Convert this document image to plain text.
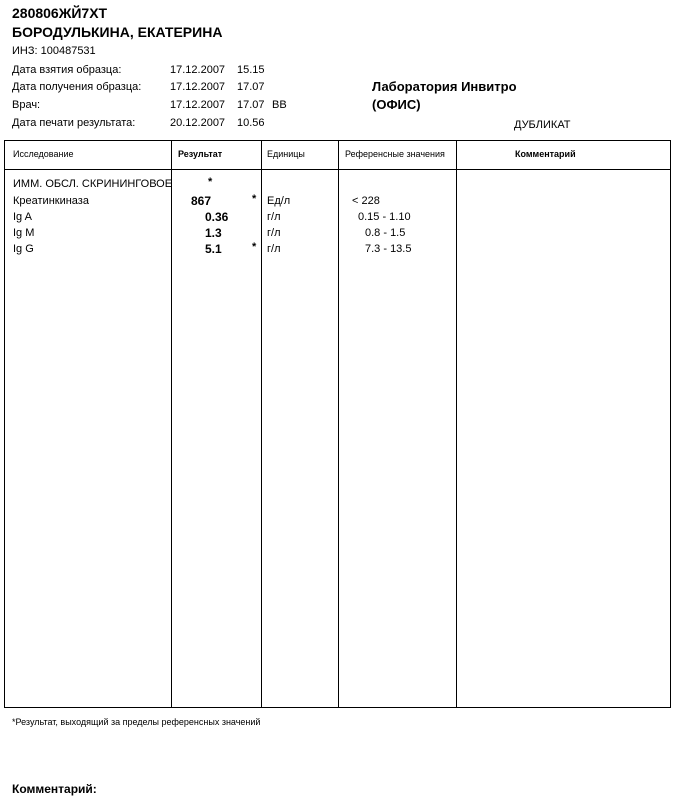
280806ЖЙ7ХТ
БОРОДУЛЬКИНА, ЕКАТЕРИНА
ИНЗ: 100487531
Дата взятия образца:	17.12.2007 15.15
Дата получения образца:	17.12.2007 17.07
Врач:	17.12.2007 17.07 ВВ
Дата печати результата:	20.12.2007 10.56
Лаборатория Инвитро
(ОФИС)
ДУБЛИКАТ
Исследование	Результат	Единицы	Референсные значения	Комментарий
ИММ. ОБСЛ. СКРИНИНГОВОЕ	*
Креатинкиназа	867	* Ед/л	< 228
Ig A	0.36	г/л	0.15 - 1.10
Ig M	1.3	г/л	0.8 - 1.5
Ig G	5.1	* г/л	7.3 - 13.5
*Результат, выходящий за пределы референсных значений
Комментарий:
